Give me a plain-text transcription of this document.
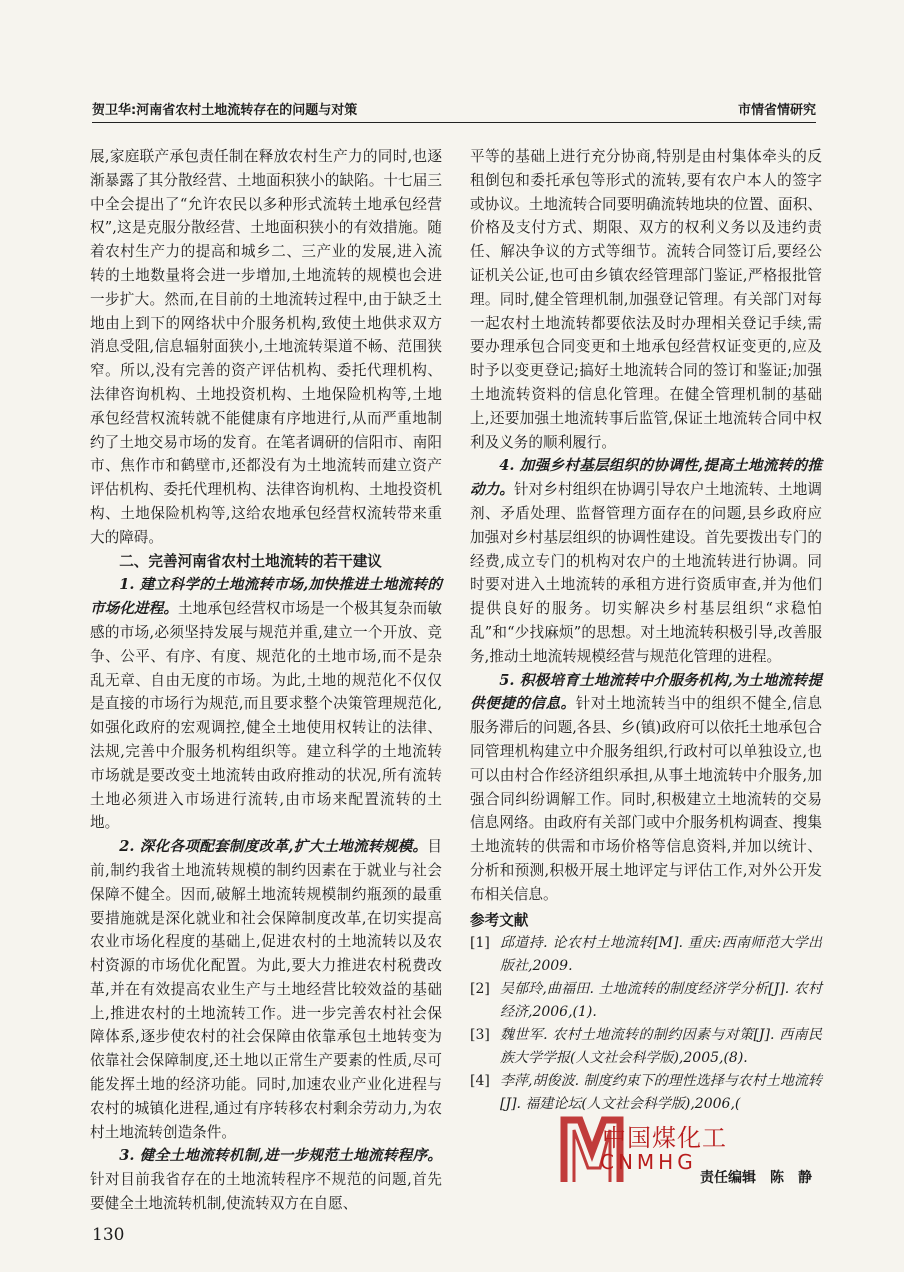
贺卫华:河南省农村土地流转存在的问题与对策	市情省情研究

展,家庭联产承包责任制在释放农村生产力的同时,也逐渐暴露了其分散经营、土地面积狭小的缺陷。十七届三中全会提出了“允许农民以多种形式流转土地承包经营权”,这是克服分散经营、土地面积狭小的有效措施。随着农村生产力的提高和城乡二、三产业的发展,进入流转的土地数量将会进一步增加,土地流转的规模也会进一步扩大。然而,在目前的土地流转过程中,由于缺乏土地由上到下的网络状中介服务机构,致使土地供求双方消息受阻,信息辐射面狭小,土地流转渠道不畅、范围狭窄。所以,没有完善的资产评估机构、委托代理机构、法律咨询机构、土地投资机构、土地保险机构等,土地承包经营权流转就不能健康有序地进行,从而严重地制约了土地交易市场的发育。在笔者调研的信阳市、南阳市、焦作市和鹤壁市,还都没有为土地流转而建立资产评估机构、委托代理机构、法律咨询机构、土地投资机构、土地保险机构等,这给农地承包经营权流转带来重大的障碍。

二、完善河南省农村土地流转的若干建议

1. 建立科学的土地流转市场,加快推进土地流转的市场化进程。土地承包经营权市场是一个极其复杂而敏感的市场,必须坚持发展与规范并重,建立一个开放、竞争、公平、有序、有度、规范化的土地市场,而不是杂乱无章、自由无度的市场。为此,土地的规范化不仅仅是直接的市场行为规范,而且要求整个决策管理规范化,如强化政府的宏观调控,健全土地使用权转让的法律、法规,完善中介服务机构组织等。建立科学的土地流转市场就是要改变土地流转由政府推动的状况,所有流转土地必须进入市场进行流转,由市场来配置流转的土地。

2. 深化各项配套制度改革,扩大土地流转规模。目前,制约我省土地流转规模的制约因素在于就业与社会保障不健全。因而,破解土地流转规模制约瓶颈的最重要措施就是深化就业和社会保障制度改革,在切实提高农业市场化程度的基础上,促进农村的土地流转以及农村资源的市场优化配置。为此,要大力推进农村税费改革,并在有效提高农业生产与土地经营比较效益的基础上,推进农村的土地流转工作。进一步完善农村社会保障体系,逐步使农村的社会保障由依靠承包土地转变为依靠社会保障制度,还土地以正常生产要素的性质,尽可能发挥土地的经济功能。同时,加速农业产业化进程与农村的城镇化进程,通过有序转移农村剩余劳动力,为农村土地流转创造条件。

3. 健全土地流转机制,进一步规范土地流转程序。针对目前我省存在的土地流转程序不规范的问题,首先要健全土地流转机制,使流转双方在自愿、

平等的基础上进行充分协商,特别是由村集体牵头的反租倒包和委托承包等形式的流转,要有农户本人的签字或协议。土地流转合同要明确流转地块的位置、面积、价格及支付方式、期限、双方的权利义务以及违约责任、解决争议的方式等细节。流转合同签订后,要经公证机关公证,也可由乡镇农经管理部门鉴证,严格报批管理。同时,健全管理机制,加强登记管理。有关部门对每一起农村土地流转都要依法及时办理相关登记手续,需要办理承包合同变更和土地承包经营权证变更的,应及时予以变更登记;搞好土地流转合同的签订和鉴证;加强土地流转资料的信息化管理。在健全管理机制的基础上,还要加强土地流转事后监管,保证土地流转合同中权利及义务的顺利履行。

4. 加强乡村基层组织的协调性,提高土地流转的推动力。针对乡村组织在协调引导农户土地流转、土地调剂、矛盾处理、监督管理方面存在的问题,县乡政府应加强对乡村基层组织的协调性建设。首先要拨出专门的经费,成立专门的机构对农户的土地流转进行协调。同时要对进入土地流转的承租方进行资质审查,并为他们提供良好的服务。切实解决乡村基层组织“求稳怕乱”和“少找麻烦”的思想。对土地流转积极引导,改善服务,推动土地流转规模经营与规范化管理的进程。

5. 积极培育土地流转中介服务机构,为土地流转提供便捷的信息。针对土地流转当中的组织不健全,信息服务滞后的问题,各县、乡(镇)政府可以依托土地承包合同管理机构建立中介服务组织,行政村可以单独设立,也可以由村合作经济组织承担,从事土地流转中介服务,加强合同纠纷调解工作。同时,积极建立土地流转的交易信息网络。由政府有关部门或中介服务机构调查、搜集土地流转的供需和市场价格等信息资料,并加以统计、分析和预测,积极开展土地评定与评估工作,对外公开发布相关信息。

参考文献
[1] 邱道持. 论农村土地流转[M]. 重庆:西南师范大学出版社,2009.
[2] 吴郁玲,曲福田. 土地流转的制度经济学分析[J]. 农村经济,2006,(1).
[3] 魏世军. 农村土地流转的制约因素与对策[J]. 西南民族大学学报(人文社会科学版),2005,(8).
[4] 李萍,胡俊波. 制度约束下的理性选择与农村土地流转[J]. 福建论坛(人文社会科学版),2006,(
中国煤化工
CNMHG
责任编辑　陈　静
130
